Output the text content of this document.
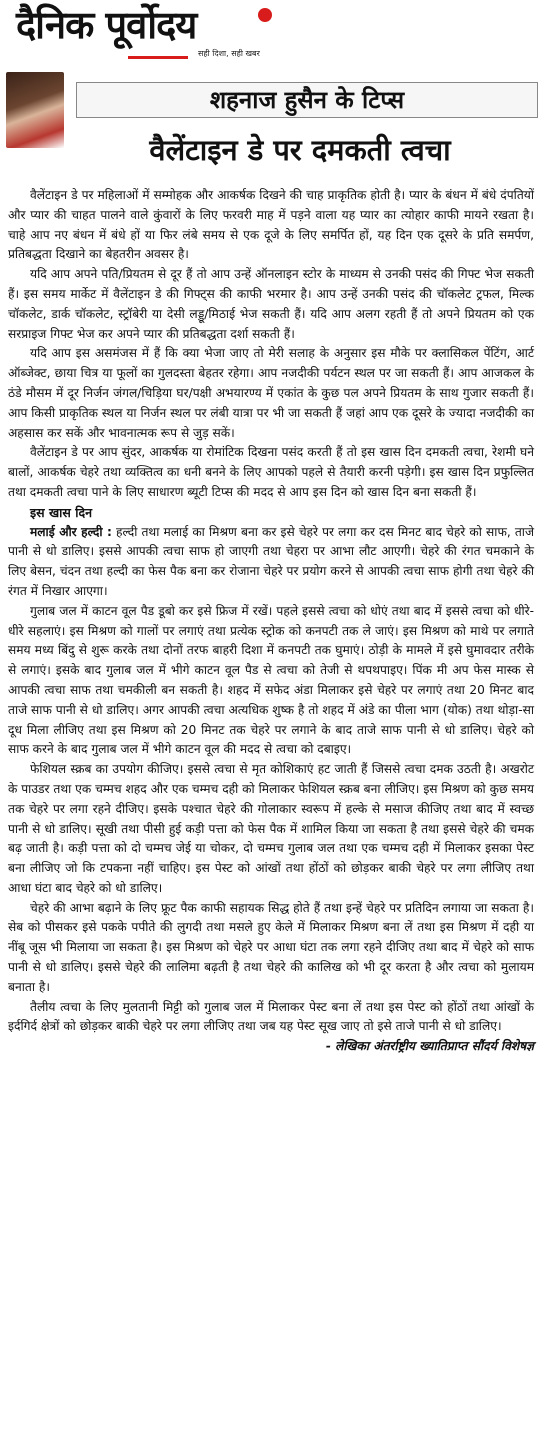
दैनिक पूर्वोदय
सही दिशा, सही खबर
शहनाज हुसैन के टिप्स
वैलेंटाइन डे पर दमकती त्वचा

वैलेंटाइन डे पर महिलाओं में सम्मोहक और आकर्षक दिखने की चाह प्राकृतिक होती है। प्यार के बंधन में बंधे दंपतियों और प्यार की चाहत पालने वाले कुंवारों के लिए फरवरी माह में पड़ने वाला यह प्यार का त्योहार काफी मायने रखता है। चाहे आप नए बंधन में बंधे हों या फिर लंबे समय से एक दूजे के लिए समर्पित हों, यह दिन एक दूसरे के प्रति समर्पण, प्रतिबद्धता दिखाने का बेहतरीन अवसर है।

यदि आप अपने पति/प्रियतम से दूर हैं तो आप उन्हें ऑनलाइन स्टोर के माध्यम से उनकी पसंद की गिफ्ट भेज सकती हैं। इस समय मार्केट में वैलेंटाइन डे की गिफ्ट्स की काफी भरमार है। आप उन्हें उनकी पसंद की चॉकलेट ट्रफल, मिल्क चॉकलेट, डार्क चॉकलेट, स्ट्रॉबेरी या देसी लड्डू/मिठाई भेज सकती हैं। यदि आप अलग रहती हैं तो अपने प्रियतम को एक सरप्राइज गिफ्ट भेज कर अपने प्यार की प्रतिबद्धता दर्शा सकती हैं।

यदि आप इस असमंजस में हैं कि क्या भेजा जाए तो मेरी सलाह के अनुसार इस मौके पर क्लासिकल पेंटिंग, आर्ट ऑब्जेक्ट, छाया चित्र या फूलों का गुलदस्ता बेहतर रहेगा। आप नजदीकी पर्यटन स्थल पर जा सकती हैं। आप आजकल के ठंडे मौसम में दूर निर्जन जंगल/चिड़िया घर/पक्षी अभयारण्य में एकांत के कुछ पल अपने प्रियतम के साथ गुजार सकती हैं। आप किसी प्राकृतिक स्थल या निर्जन स्थल पर लंबी यात्रा पर भी जा सकती हैं जहां आप एक दूसरे के ज्यादा नजदीकी का अहसास कर सकें और भावनात्मक रूप से जुड़ सकें।

वैलेंटाइन डे पर आप सुंदर, आकर्षक या रोमांटिक दिखना पसंद करती हैं तो इस खास दिन दमकती त्वचा, रेशमी घने बालों, आकर्षक चेहरे तथा व्यक्तित्व का धनी बनने के लिए आपको पहले से तैयारी करनी पड़ेगी। इस खास दिन प्रफुल्लित तथा दमकती त्वचा पाने के लिए साधारण ब्यूटी टिप्स की मदद से आप इस दिन को खास दिन बना सकती हैं।

इस खास दिन

मलाई और हल्दी : हल्दी तथा मलाई का मिश्रण बना कर इसे चेहरे पर लगा कर दस मिनट बाद चेहरे को साफ, ताजे पानी से धो डालिए। इससे आपकी त्वचा साफ हो जाएगी तथा चेहरा पर आभा लौट आएगी। चेहरे की रंगत चमकाने के लिए बेसन, चंदन तथा हल्दी का फेस पैक बना कर रोजाना चेहरे पर प्रयोग करने से आपकी त्वचा साफ होगी तथा चेहरे की रंगत में निखार आएगा।

गुलाब जल में काटन वूल पैड डूबो कर इसे फ्रिज में रखें। पहले इससे त्वचा को धोएं तथा बाद में इससे त्वचा को धीरे-धीरे सहलाएं। इस मिश्रण को गालों पर लगाएं तथा प्रत्येक स्ट्रोक को कनपटी तक ले जाएं। इस मिश्रण को माथे पर लगाते समय मध्य बिंदु से शुरू करके तथा दोनों तरफ बाहरी दिशा में कनपटी तक घुमाएं। ठोड़ी के मामले में इसे घुमावदार तरीके से लगाएं। इसके बाद गुलाब जल में भीगे काटन वूल पैड से त्वचा को तेजी से थपथपाइए। पिंक मी अप फेस मास्क से आपकी त्वचा साफ तथा चमकीली बन सकती है। शहद में सफेद अंडा मिलाकर इसे चेहरे पर लगाएं तथा 20 मिनट बाद ताजे साफ पानी से धो डालिए। अगर आपकी त्वचा अत्यधिक शुष्क है तो शहद में अंडे का पीला भाग (योक) तथा थोड़ा-सा दूध मिला लीजिए तथा इस मिश्रण को 20 मिनट तक चेहरे पर लगाने के बाद ताजे साफ पानी से धो डालिए। चेहरे को साफ करने के बाद गुलाब जल में भीगे काटन वूल की मदद से त्वचा को दबाइए।

फेशियल स्क्रब का उपयोग कीजिए। इससे त्वचा से मृत कोशिकाएं हट जाती हैं जिससे त्वचा दमक उठती है। अखरोट के पाउडर तथा एक चम्मच शहद और एक चम्मच दही को मिलाकर फेशियल स्क्रब बना लीजिए। इस मिश्रण को कुछ समय तक चेहरे पर लगा रहने दीजिए। इसके पश्चात चेहरे की गोलाकार स्वरूप में हल्के से मसाज कीजिए तथा बाद में स्वच्छ पानी से धो डालिए। सूखी तथा पीसी हुई कड़ी पत्ता को फेस पैक में शामिल किया जा सकता है तथा इससे चेहरे की चमक बढ़ जाती है। कड़ी पत्ता को दो चम्मच जेई या चोकर, दो चम्मच गुलाब जल तथा एक चम्मच दही में मिलाकर इसका पेस्ट बना लीजिए जो कि टपकना नहीं चाहिए। इस पेस्ट को आंखों तथा होंठों को छोड़कर बाकी चेहरे पर लगा लीजिए तथा आधा घंटा बाद चेहरे को धो डालिए।

चेहरे की आभा बढ़ाने के लिए फ्रूट पैक काफी सहायक सिद्ध होते हैं तथा इन्हें चेहरे पर प्रतिदिन लगाया जा सकता है। सेब को पीसकर इसे पकके पपीते की लुगदी तथा मसले हुए केले में मिलाकर मिश्रण बना लें तथा इस मिश्रण में दही या नींबू जूस भी मिलाया जा सकता है। इस मिश्रण को चेहरे पर आधा घंटा तक लगा रहने दीजिए तथा बाद में चेहरे को साफ पानी से धो डालिए। इससे चेहरे की लालिमा बढ़ती है तथा चेहरे की कालिख को भी दूर करता है और त्वचा को मुलायम बनाता है।

तैलीय त्वचा के लिए मुलतानी मिट्टी को गुलाब जल में मिलाकर पेस्ट बना लें तथा इस पेस्ट को होंठों तथा आंखों के इर्दगिर्द क्षेत्रों को छोड़कर बाकी चेहरे पर लगा लीजिए तथा जब यह पेस्ट सूख जाए तो इसे ताजे पानी से धो डालिए।

- लेखिका अंतर्राष्ट्रीय ख्यातिप्राप्त सौंदर्य विशेषज्ञ
